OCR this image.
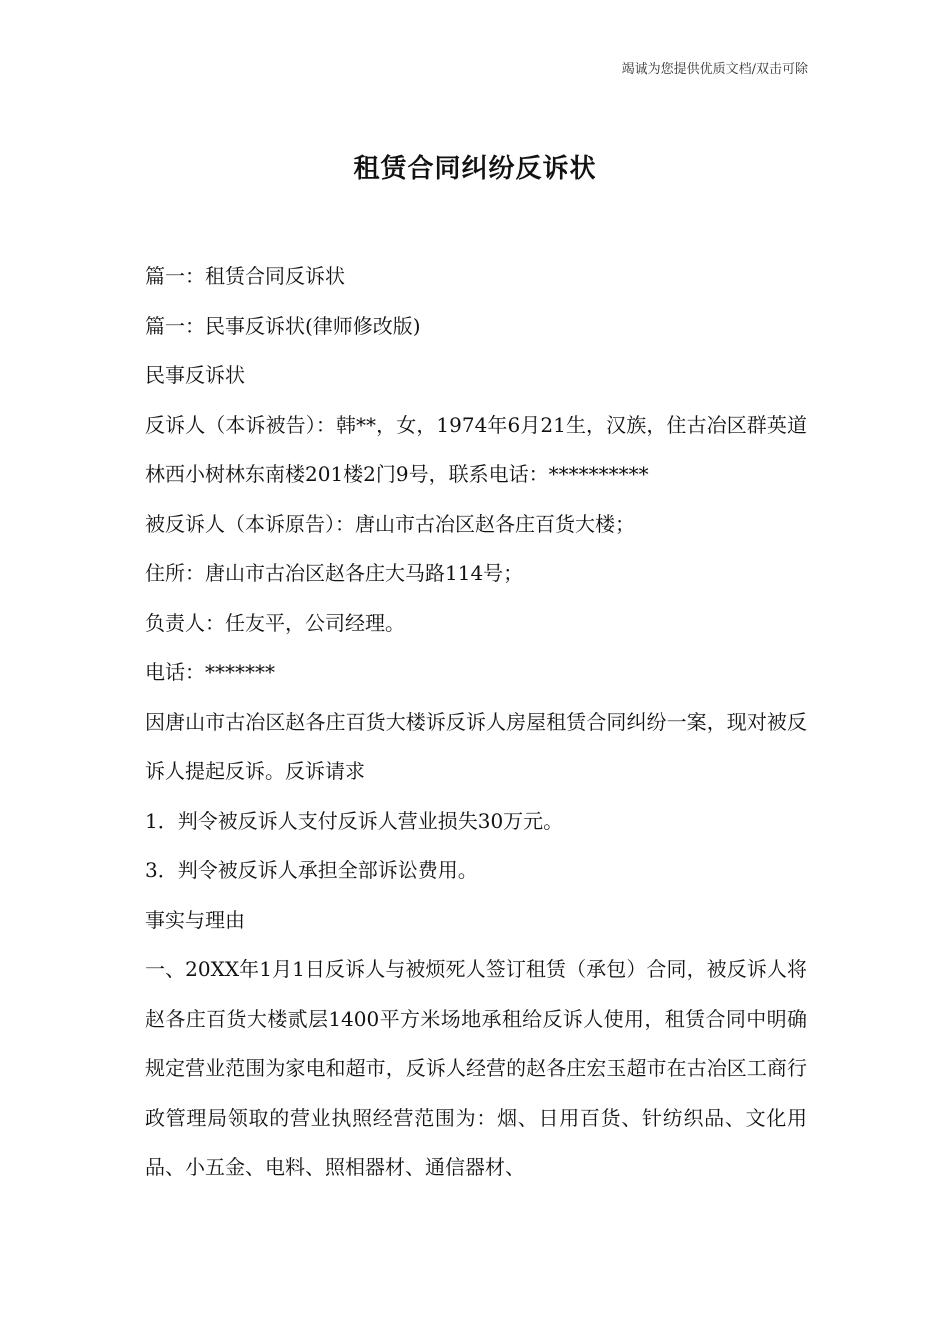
竭诚为您提供优质文档/双击可除
租赁合同纠纷反诉状

篇一：租赁合同反诉状

篇一：民事反诉状(律师修改版)

民事反诉状

反诉人（本诉被告）：韩**，女，1974年6月21生，汉族，住古冶区群英道林西小树林东南楼201楼2门9号，联系电话：**********

被反诉人（本诉原告）：唐山市古冶区赵各庄百货大楼；

住所：唐山市古冶区赵各庄大马路114号；

负责人：任友平，公司经理。

电话：*******

因唐山市古冶区赵各庄百货大楼诉反诉人房屋租赁合同纠纷一案，现对被反诉人提起反诉。反诉请求

1．判令被反诉人支付反诉人营业损失30万元。

3．判令被反诉人承担全部诉讼费用。

事实与理由

一、20XX年1月1日反诉人与被烦死人签订租赁（承包）合同，被反诉人将赵各庄百货大楼贰层1400平方米场地承租给反诉人使用，租赁合同中明确规定营业范围为家电和超市，反诉人经营的赵各庄宏玉超市在古冶区工商行政管理局领取的营业执照经营范围为：烟、日用百货、针纺织品、文化用品、小五金、电料、照相器材、通信器材、
